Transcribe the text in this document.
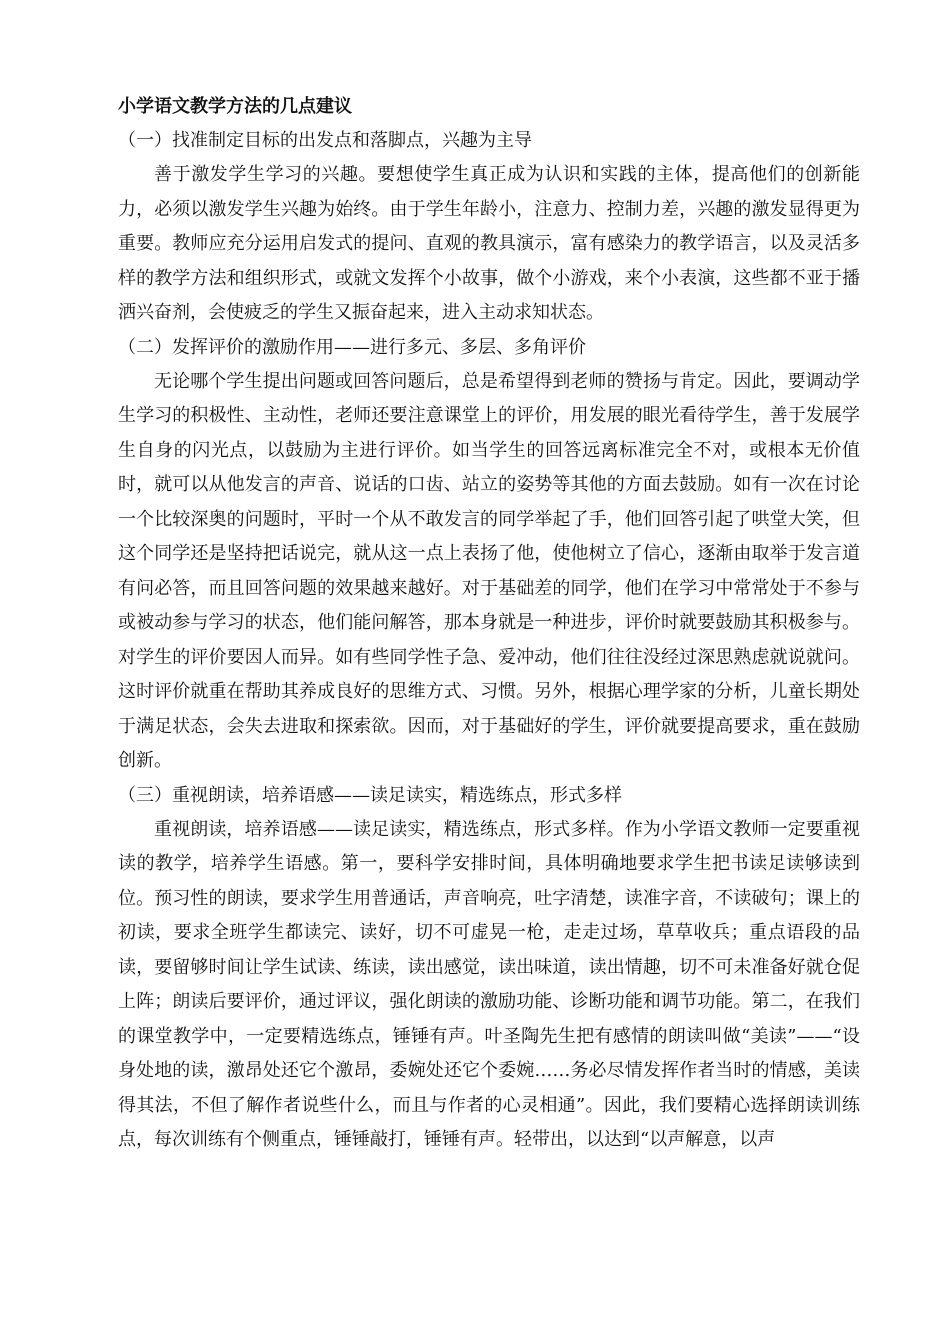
小学语文教学方法的几点建议
（一）找准制定目标的出发点和落脚点，兴趣为主导

善于激发学生学习的兴趣。要想使学生真正成为认识和实践的主体，提高他们的创新能力，必须以激发学生兴趣为始终。由于学生年龄小，注意力、控制力差，兴趣的激发显得更为重要。教师应充分运用启发式的提问、直观的教具演示，富有感染力的教学语言，以及灵活多样的教学方法和组织形式，或就文发挥个小故事，做个小游戏，来个小表演，这些都不亚于播洒兴奋剂，会使疲乏的学生又振奋起来，进入主动求知状态。

（二）发挥评价的激励作用——进行多元、多层、多角评价

无论哪个学生提出问题或回答问题后，总是希望得到老师的赞扬与肯定。因此，要调动学生学习的积极性、主动性，老师还要注意课堂上的评价，用发展的眼光看待学生，善于发展学生自身的闪光点，以鼓励为主进行评价。如当学生的回答远离标准完全不对，或根本无价值时，就可以从他发言的声音、说话的口齿、站立的姿势等其他的方面去鼓励。如有一次在讨论一个比较深奥的问题时，平时一个从不敢发言的同学举起了手，他们回答引起了哄堂大笑，但这个同学还是坚持把话说完，就从这一点上表扬了他，使他树立了信心，逐渐由取举于发言道有问必答，而且回答问题的效果越来越好。对于基础差的同学，他们在学习中常常处于不参与或被动参与学习的状态，他们能问解答，那本身就是一种进步，评价时就要鼓励其积极参与。对学生的评价要因人而异。如有些同学性子急、爱冲动，他们往往没经过深思熟虑就说就问。这时评价就重在帮助其养成良好的思维方式、习惯。另外，根据心理学家的分析，儿童长期处于满足状态，会失去进取和探索欲。因而，对于基础好的学生，评价就要提高要求，重在鼓励创新。

（三）重视朗读，培养语感——读足读实，精选练点，形式多样

重视朗读，培养语感——读足读实，精选练点，形式多样。作为小学语文教师一定要重视读的教学，培养学生语感。第一，要科学安排时间，具体明确地要求学生把书读足读够读到位。预习性的朗读，要求学生用普通话，声音响亮，吐字清楚，读准字音，不读破句；课上的初读，要求全班学生都读完、读好，切不可虚晃一枪，走走过场，草草收兵；重点语段的品读，要留够时间让学生试读、练读，读出感觉，读出味道，读出情趣，切不可未准备好就仓促上阵；朗读后要评价，通过评议，强化朗读的激励功能、诊断功能和调节功能。第二，在我们的课堂教学中，一定要精选练点，锤锤有声。叶圣陶先生把有感情的朗读叫做“美读”——“设身处地的读，激昂处还它个激昂，委婉处还它个委婉……务必尽情发挥作者当时的情感，美读得其法，不但了解作者说些什么，而且与作者的心灵相通”。因此，我们要精心选择朗读训练点，每次训练有个侧重点，锤锤敲打，锤锤有声。轻带出，以达到“以声解意，以声
